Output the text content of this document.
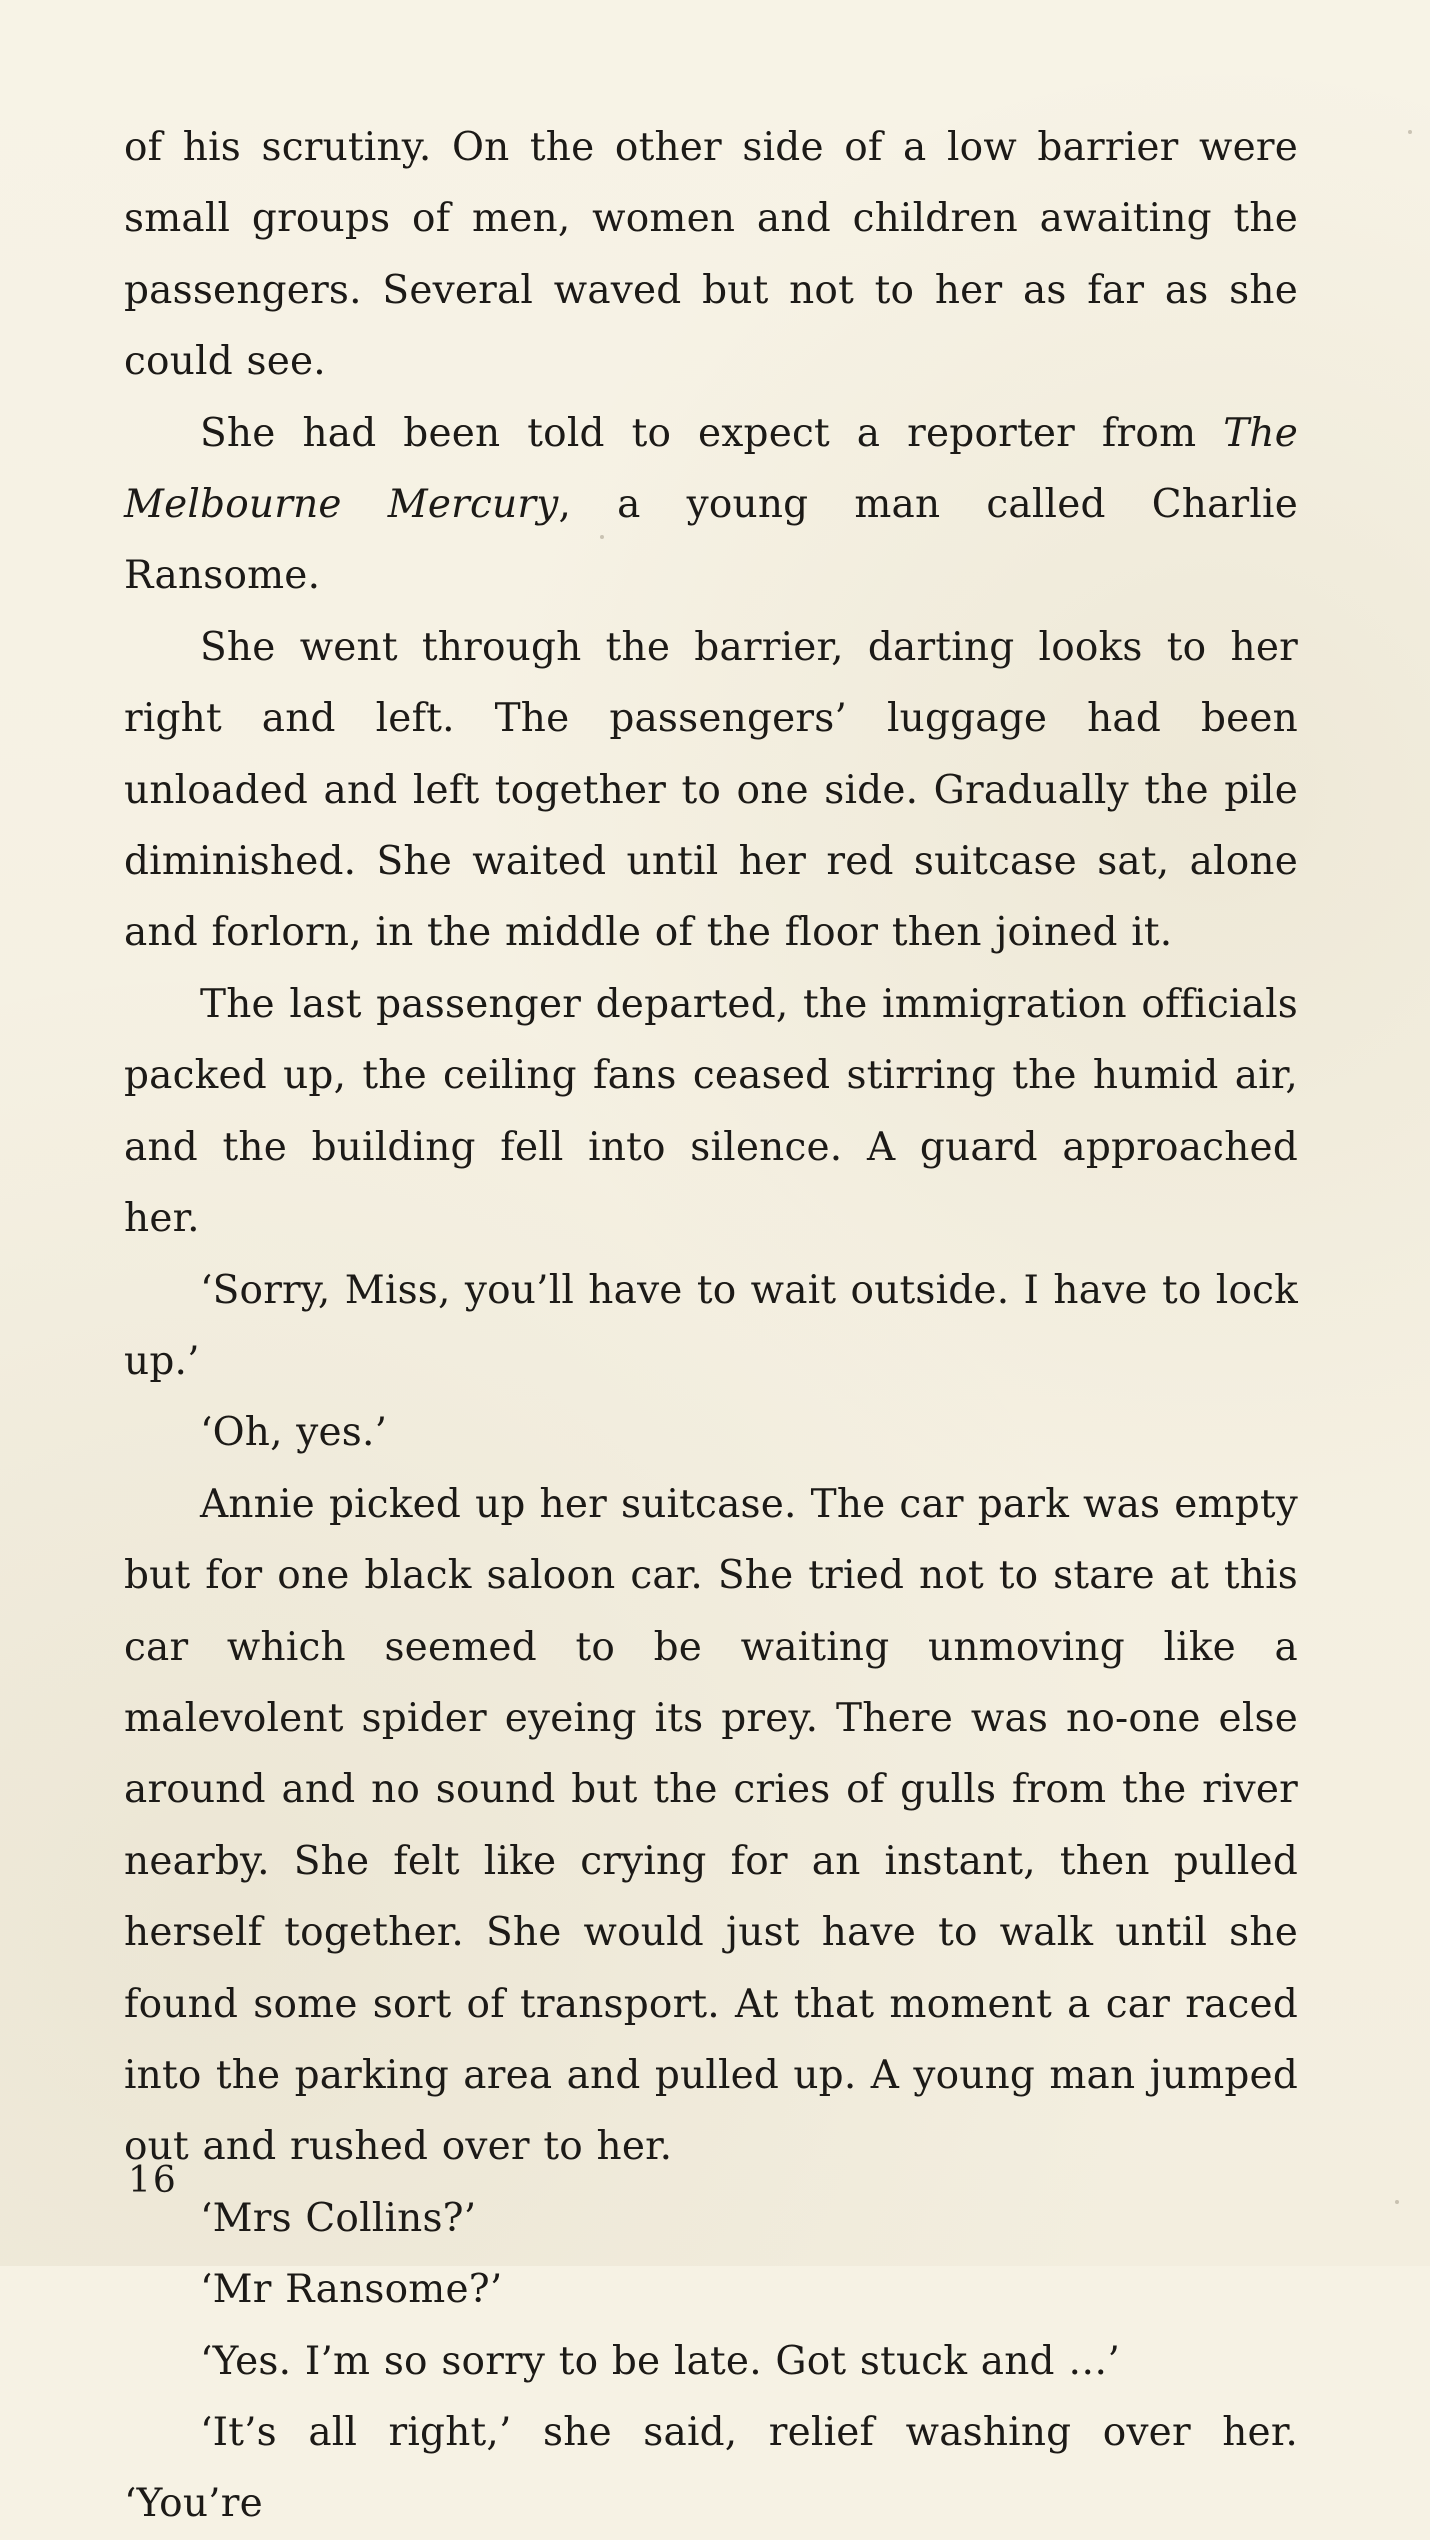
of his scrutiny. On the other side of a low barrier were small groups of men, women and children awaiting the passengers. Several waved but not to her as far as she could see.

She had been told to expect a reporter from The Melbourne Mercury, a young man called Charlie Ransome.

She went through the barrier, darting looks to her right and left. The passengers’ luggage had been unloaded and left together to one side. Gradually the pile diminished. She waited until her red suitcase sat, alone and forlorn, in the middle of the floor then joined it.

The last passenger departed, the immigration officials packed up, the ceiling fans ceased stirring the humid air, and the building fell into silence. A guard approached her.

‘Sorry, Miss, you’ll have to wait outside. I have to lock up.’

‘Oh, yes.’

Annie picked up her suitcase. The car park was empty but for one black saloon car. She tried not to stare at this car which seemed to be waiting unmoving like a malevolent spider eyeing its prey. There was no-one else around and no sound but the cries of gulls from the river nearby. She felt like crying for an instant, then pulled herself together. She would just have to walk until she found some sort of transport. At that moment a car raced into the parking area and pulled up. A young man jumped out and rushed over to her.

‘Mrs Collins?’

‘Mr Ransome?’

‘Yes. I’m so sorry to be late. Got stuck and …’

‘It’s all right,’ she said, relief washing over her. ‘You’re

16
